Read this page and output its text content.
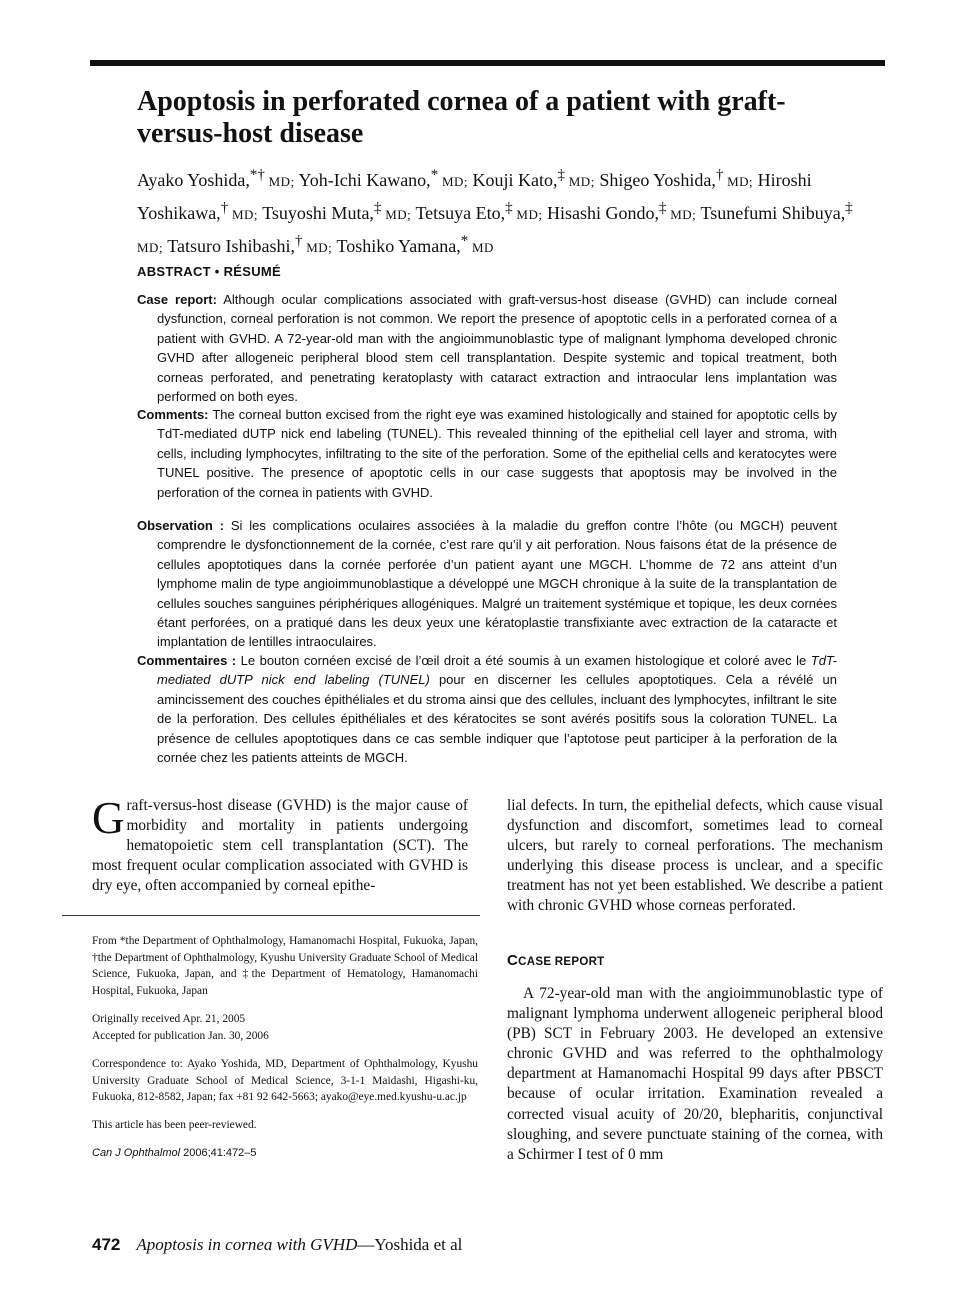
Apoptosis in perforated cornea of a patient with graft-versus-host disease
Ayako Yoshida,*† MD; Yoh-Ichi Kawano,* MD; Kouji Kato,‡ MD; Shigeo Yoshida,† MD; Hiroshi Yoshikawa,† MD; Tsuyoshi Muta,‡ MD; Tetsuya Eto,‡ MD; Hisashi Gondo,‡ MD; Tsunefumi Shibuya,‡ MD; Tatsuro Ishibashi,† MD; Toshiko Yamana,* MD
ABSTRACT • RÉSUMÉ

Case report: Although ocular complications associated with graft-versus-host disease (GVHD) can include corneal dysfunction, corneal perforation is not common. We report the presence of apoptotic cells in a perforated cornea of a patient with GVHD. A 72-year-old man with the angioimmunoblastic type of malignant lymphoma developed chronic GVHD after allogeneic peripheral blood stem cell transplantation. Despite systemic and topical treatment, both corneas perforated, and penetrating keratoplasty with cataract extraction and intraocular lens implantation was performed on both eyes.

Comments: The corneal button excised from the right eye was examined histologically and stained for apoptotic cells by TdT-mediated dUTP nick end labeling (TUNEL). This revealed thinning of the epithelial cell layer and stroma, with cells, including lymphocytes, infiltrating to the site of the perforation. Some of the epithelial cells and keratocytes were TUNEL positive. The presence of apoptotic cells in our case suggests that apoptosis may be involved in the perforation of the cornea in patients with GVHD.

Observation : Si les complications oculaires associées à la maladie du greffon contre l’hôte (ou MGCH) peuvent comprendre le dysfonctionnement de la cornée, c’est rare qu’il y ait perforation. Nous faisons état de la présence de cellules apoptotiques dans la cornée perforée d’un patient ayant une MGCH. L’homme de 72 ans atteint d’un lymphome malin de type angioimmunoblastique a développé une MGCH chronique à la suite de la transplantation de cellules souches sanguines périphériques allogéniques. Malgré un traitement systémique et topique, les deux cornées étant perforées, on a pratiqué dans les deux yeux une kératoplastie transfixiante avec extraction de la cataracte et implantation de lentilles intraoculaires.

Commentaires : Le bouton cornéen excisé de l’œil droit a été soumis à un examen histologique et coloré avec le TdT-mediated dUTP nick end labeling (TUNEL) pour en discerner les cellules apoptotiques. Cela a révélé un amincissement des couches épithéliales et du stroma ainsi que des cellules, incluant des lymphocytes, infiltrant le site de la perforation. Des cellules épithéliales et des kératocites se sont avérés positifs sous la coloration TUNEL. La présence de cellules apoptotiques dans ce cas semble indiquer que l’aptotose peut participer à la perforation de la cornée chez les patients atteints de MGCH.

Graft-versus-host disease (GVHD) is the major cause of morbidity and mortality in patients undergoing hematopoietic stem cell transplantation (SCT). The most frequent ocular complication associated with GVHD is dry eye, often accompanied by corneal epithe-
lial defects. In turn, the epithelial defects, which cause visual dysfunction and discomfort, sometimes lead to corneal ulcers, but rarely to corneal perforations. The mechanism underlying this disease process is unclear, and a specific treatment has not yet been established. We describe a patient with chronic GVHD whose corneas perforated.
CCASE REPORT

A 72-year-old man with the angioimmunoblastic type of malignant lymphoma underwent allogeneic peripheral blood (PB) SCT in February 2003. He developed an extensive chronic GVHD and was referred to the ophthalmology department at Hamanomachi Hospital 99 days after PBSCT because of ocular irritation. Examination revealed a corrected visual acuity of 20/20, blepharitis, conjunctival sloughing, and severe punctuate staining of the cornea, with a Schirmer I test of 0 mm

From *the Department of Ophthalmology, Hamanomachi Hospital, Fukuoka, Japan, †the Department of Ophthalmology, Kyushu University Graduate School of Medical Science, Fukuoka, Japan, and ‡the Department of Hematology, Hamanomachi Hospital, Fukuoka, Japan

Originally received Apr. 21, 2005

Accepted for publication Jan. 30, 2006

Correspondence to: Ayako Yoshida, MD, Department of Ophthalmology, Kyushu University Graduate School of Medical Science, 3-1-1 Maidashi, Higashi-ku, Fukuoka, 812-8582, Japan; fax +81 92 642-5663; ayako@eye.med.kyushu-u.ac.jp

This article has been peer-reviewed.

Can J Ophthalmol 2006;41:472–5

472 Apoptosis in cornea with GVHD—Yoshida et al
